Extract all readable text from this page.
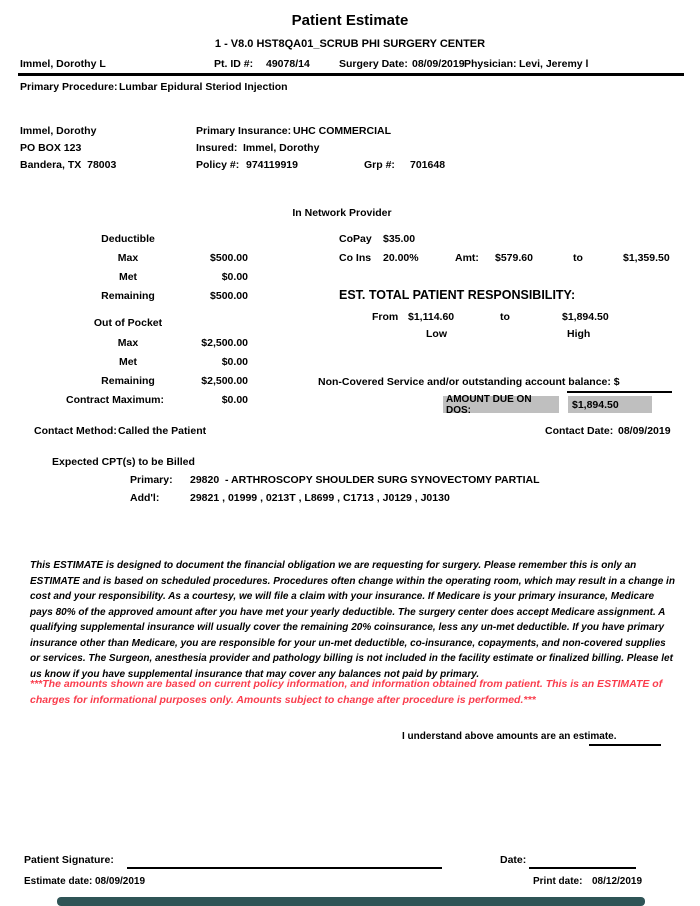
Patient Estimate
1 - V8.0 HST8QA01_SCRUB PHI SURGERY CENTER
Immel, Dorothy L	Pt. ID #: 49078/14	Surgery Date: 08/09/2019 Physician: Levi, Jeremy l
Primary Procedure: Lumbar Epidural Steriod Injection
Immel, Dorothy
PO BOX 123
Bandera, TX  78003
Primary Insurance: UHC COMMERCIAL
Insured: Immel, Dorothy
Policy #: 974119919	Grp #: 701648
In Network Provider
Deductible
Max	$500.00
Met	$0.00
Remaining	$500.00
Out of Pocket
Max	$2,500.00
Met	$0.00
Remaining	$2,500.00
Contract Maximum:	$0.00
CoPay $35.00
Co Ins 20.00%	Amt: $579.60	to	$1,359.50
EST. TOTAL PATIENT RESPONSIBILITY:
From $1,114.60	to	$1,894.50
Low	High
Non-Covered Service and/or outstanding account balance: $
AMOUNT DUE ON DOS:	$1,894.50
Contact Method: Called the Patient	Contact Date: 08/09/2019
Expected CPT(s) to be Billed
Primary: 29820  - ARTHROSCOPY SHOULDER SURG SYNOVECTOMY PARTIAL
Add'l:	29821 , 01999 , 0213T , L8699 , C1713 , J0129 , J0130
This ESTIMATE is designed to document the financial obligation we are requesting for surgery. Please remember this is only an ESTIMATE and is based on scheduled procedures. Procedures often change within the operating room, which may result in a change in cost and your responsibility. As a courtesy, we will file a claim with your insurance. If Medicare is your primary insurance, Medicare pays 80% of the approved amount after you have met your yearly deductible. The surgery center does accept Medicare assignment. A qualifying supplemental insurance will usually cover the remaining 20% coinsurance, less any un-met deductible. If you have primary insurance other than Medicare, you are responsible for your un-met deductible, co-insurance, copayments, and non-covered supplies or services. The Surgeon, anesthesia provider and pathology billing is not included in the facility estimate or finalized billing. Please let us know if you have supplemental insurance that may cover any balances not paid by primary.
***The amounts shown are based on current policy information, and information obtained from patient. This is an ESTIMATE of charges for informational purposes only. Amounts subject to change after procedure is performed.***
I understand above amounts are an estimate.
Patient Signature:	Date:
Estimate date: 08/09/2019	Print date: 08/12/2019
